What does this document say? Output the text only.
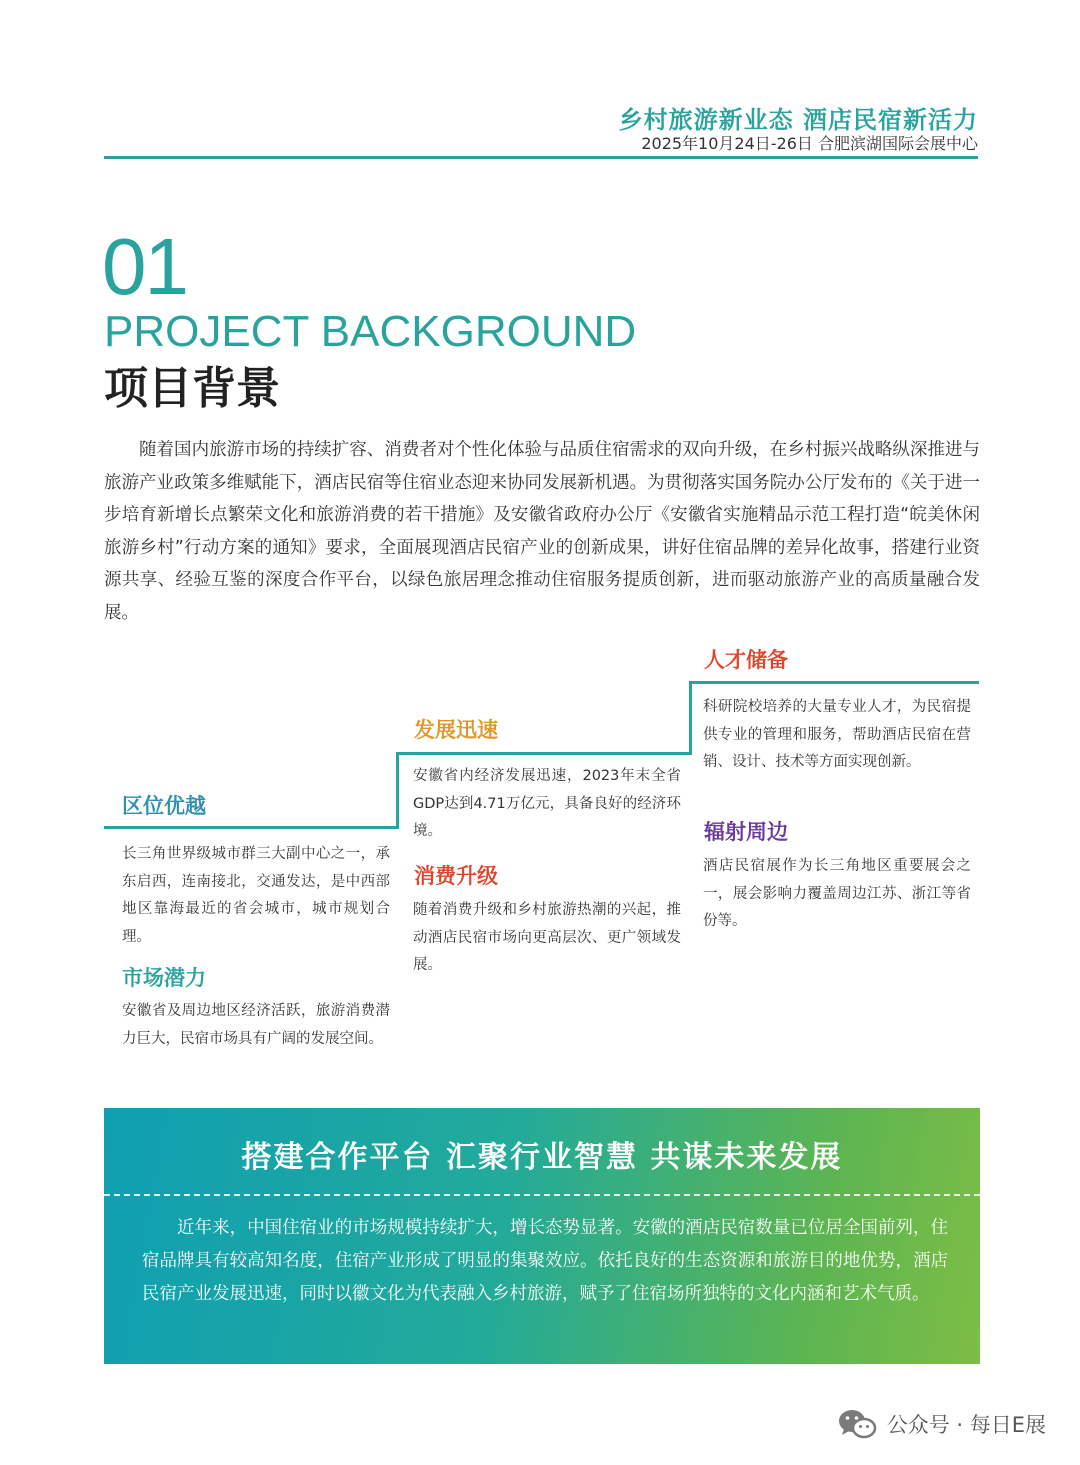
乡村旅游新业态 酒店民宿新活力
2025年10月24日-26日 合肥滨湖国际会展中心
01
PROJECT BACKGROUND
项目背景

随着国内旅游市场的持续扩容、消费者对个性化体验与品质住宿需求的双向升级，在乡村振兴战略纵深推进与旅游产业政策多维赋能下，酒店民宿等住宿业态迎来协同发展新机遇。为贯彻落实国务院办公厅发布的《关于进一步培育新增长点繁荣文化和旅游消费的若干措施》及安徽省政府办公厅《安徽省实施精品示范工程打造“皖美休闲旅游乡村”行动方案的通知》要求，全面展现酒店民宿产业的创新成果，讲好住宿品牌的差异化故事，搭建行业资源共享、经验互鉴的深度合作平台，以绿色旅居理念推动住宿服务提质创新，进而驱动旅游产业的高质量融合发展。

区位优越

长三角世界级城市群三大副中心之一，承东启西，连南接北，交通发达，是中西部地区靠海最近的省会城市，城市规划合理。

市场潜力

安徽省及周边地区经济活跃，旅游消费潜力巨大，民宿市场具有广阔的发展空间。

发展迅速

安徽省内经济发展迅速，2023年末全省GDP达到4.71万亿元，具备良好的经济环境。

消费升级

随着消费升级和乡村旅游热潮的兴起，推动酒店民宿市场向更高层次、更广领域发展。

人才储备

科研院校培养的大量专业人才，为民宿提供专业的管理和服务，帮助酒店民宿在营销、设计、技术等方面实现创新。

辐射周边

酒店民宿展作为长三角地区重要展会之一，展会影响力覆盖周边江苏、浙江等省份等。

搭建合作平台 汇聚行业智慧 共谋未来发展

近年来，中国住宿业的市场规模持续扩大，增长态势显著。安徽的酒店民宿数量已位居全国前列，住宿品牌具有较高知名度，住宿产业形成了明显的集聚效应。依托良好的生态资源和旅游目的地优势，酒店民宿产业发展迅速，同时以徽文化为代表融入乡村旅游，赋予了住宿场所独特的文化内涵和艺术气质。

公众号 · 每日E展
